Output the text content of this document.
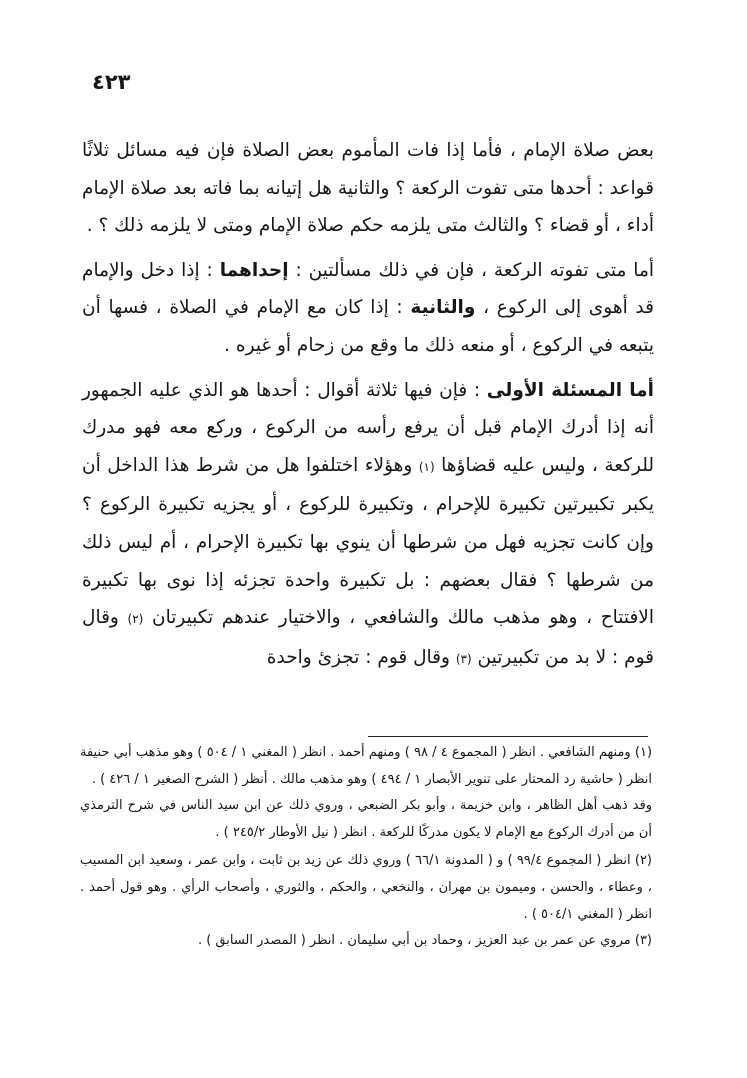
٤٢٣

بعض صلاة الإمام ، فأما إذا فات المأموم بعض الصلاة فإن فيه مسائل ثلاثًا قواعد : أحدها متى تفوت الركعة ؟ والثانية هل إتيانه بما فاته بعد صلاة الإمام أداء ، أو قضاء ؟ والثالث متى يلزمه حكم صلاة الإمام ومتى لا يلزمه ذلك ؟ .

أما متى تفوته الركعة ، فإن في ذلك مسألتين : إحداهما : إذا دخل والإمام قد أهوى إلى الركوع ، والثانية : إذا كان مع الإمام في الصلاة ، فسها أن يتبعه في الركوع ، أو منعه ذلك ما وقع من زحام أو غيره .

أما المسئلة الأولى : فإن فيها ثلاثة أقوال : أحدها هو الذي عليه الجمهور أنه إذا أدرك الإمام قبل أن يرفع رأسه من الركوع ، وركع معه فهو مدرك للركعة ، وليس عليه قضاؤها (١) وهؤلاء اختلفوا هل من شرط هذا الداخل أن يكبر تكبيرتين تكبيرة للإحرام ، وتكبيرة للركوع ، أو يجزيه تكبيرة الركوع ؟ وإن كانت تجزيه فهل من شرطها أن ينوي بها تكبيرة الإحرام ، أم ليس ذلك من شرطها ؟ فقال بعضهم : بل تكبيرة واحدة تجزئه إذا نوى بها تكبيرة الافتتاح ، وهو مذهب مالك والشافعي ، والاختيار عندهم تكبيرتان (٢) وقال قوم : لا بد من تكبيرتين (٣) وقال قوم : تجزئ واحدة

(١) ومنهم الشافعي . انظر ( المجموع ٤ / ٩٨ ) ومنهم أحمد . انظر ( المغني ١ / ٥٠٤ ) وهو مذهب أبي حنيفة انظر ( حاشية رد المحتار على تنوير الأبصار ١ / ٤٩٤ ) وهو مذهب مالك . أنظر ( الشرح الصغير ١ / ٤٢٦ ) .

وقد ذهب أهل الظاهر ، وابن خزيمة ، وأبو بكر الضبعي ، وروي ذلك عن ابن سيد الناس في شرح الترمذي أن من أدرك الركوع مع الإمام لا يكون مدركًا للركعة . انظر ( نيل الأوطار ٢٤٥/٢ ) .

(٢) انظر ( المجموع ٩٩/٤ ) و ( المدونة ٦٦/١ ) وروي ذلك عن زيد بن ثابت ، وابن عمر ، وسعيد ابن المسيب ، وعطاء ، والحسن ، وميمون بن مهران ، والنخعي ، والحكم ، والثوري ، وأصحاب الرأي . وهو قول أحمد . انظر ( المغني ٥٠٤/١ ) .

(٣) مروي عن عمر بن عبد العزيز ، وحماد بن أبي سليمان . انظر ( المصدر السابق ) .
